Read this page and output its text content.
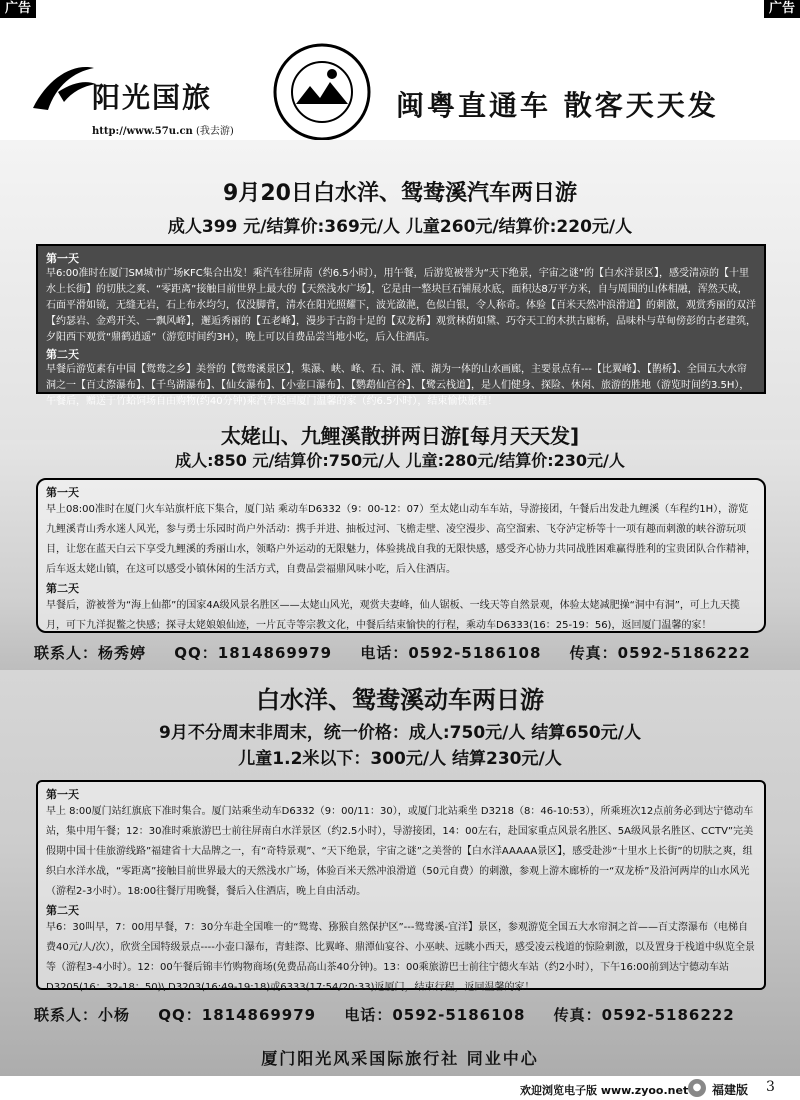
广告	广告
阳光国旅
http://www.57u.cn (我去游)
闽粤直通车 散客天天发
9月20日白水洋、鸳鸯溪汽车两日游
成人399 元/结算价:369元/人 儿童260元/结算价:220元/人
第一天

早6:00准时在厦门SM城市广场KFC集合出发！乘汽车往屏南（约6.5小时），用午餐，后游览被誉为“天下绝景，宇宙之谜”的【白水洋景区】，感受清凉的【十里水上长街】的切肤之爽、“零距离”接触目前世界上最大的【天然浅水广场】，它是由一整块巨石铺展水底，面积达8万平方米，自与周围的山体相融，浑然天成，石面平滑如镜，无缝无岩，石上布水均匀，仅没脚背，清水在阳光照耀下，波光潋滟，色似白银，令人称奇。体验【百米天然冲浪滑道】的刺激，观赏秀丽的双洋【约瑟岩、金鸡开关、一飘风峰】，邂逅秀丽的【五老峰】，漫步于古韵十足的【双龙桥】观赏林荫如黛、巧夺天工的木拱古廊桥，品味朴与草甸傍彭的古老建筑，夕阳西下观赏“鼎鹤逍遥”（游览时间约3H），晚上可以自费品尝当地小吃，后入住酒店。

第二天

早餐后游览素有中国【鸳鸯之乡】美誉的【鸳鸯溪景区】，集瀑、峡、峰、石、洞、潭、湖为一体的山水画廊，主要景点有---【比翼峰】、【鹊桥】、全国五大水帘洞之一【百丈漈瀑布】、【千鸟湖瀑布】、【仙女瀑布】、【小壶口瀑布】、【鹦鹉仙宫谷】、【鹭云栈道】，是人们健身、探险、休闲、旅游的胜地（游览时间约3.5H），午餐后，赠送于竹蛤饲场自由购物(约40分钟)乘汽车返回厦门温馨的家（约6.5小时），结束愉快旅程！

太姥山、九鲤溪散拼两日游[每月天天发]
成人:850 元/结算价:750元/人 儿童:280元/结算价:230元/人
第一天

早上08:00准时在厦门火车站旗杆底下集合，厦门站 乘动车D6332（9：00-12：07）至太姥山动车车站，导游接团，午餐后出发赴九鲤溪（车程约1H），游览九鲤溪青山秀水迷人风光，参与勇士乐园时尚户外活动：携手并进、抽板过河、飞檐走壁、凌空漫步、高空溜索、飞夺泸定桥等十一项有趣而刺激的峡谷游玩项目，让您在蓝天白云下享受九鲤溪的秀丽山水，领略户外运动的无限魅力，体验挑战自我的无限快感，感受齐心协力共同战胜困难赢得胜利的宝贵团队合作精神，后车返太姥山镇，在这可以感受小镇休闲的生活方式，自费品尝福鼎风味小吃，后入住酒店。

第二天

早餐后，游被誉为“海上仙都”的国家4A级风景名胜区——太姥山风光，观赏夫妻峰，仙人锯板、一线天等自然景观，体验太姥减肥操“洞中有洞”，可上九天揽月，可下九洋捉鳖之快感；探寻太姥娘娘仙迹，一片瓦寺等宗教文化，中餐后结束愉快的行程，乘动车D6333(16：25-19：56)，返回厦门温馨的家！

联系人：杨秀婷 QQ：1814869979 电话：0592-5186108 传真：0592-5186222
白水洋、鸳鸯溪动车两日游
9月不分周末非周末，统一价格：成人:750元/人 结算650元/人
儿童1.2米以下：300元/人 结算230元/人
第一天

早上 8:00厦门站红旗底下准时集合。厦门站乘坐动车D6332（9：00/11：30），或厦门北站乘坐 D3218（8：46-10:53），所乘班次12点前务必到达宁德动车站，集中用午餐；12：30准时乘旅游巴士前往屏南白水洋景区（约2.5小时），导游接团，14：00左右，赴国家重点风景名胜区、5A级风景名胜区、CCTV”完美假期中国十佳旅游线路”福建省十大品牌之一，有“奇特景观”、“天下绝景，宇宙之谜”之美誉的【白水洋AAAAA景区】，感受赴涉“十里水上长街”的切肤之爽，组织白水洋水战，“零距离”接触目前世界最大的天然浅水广场，体验百米天然冲浪滑道（50元自费）的刺激，参观上游木廊桥的一“双龙桥”及沿河两岸的山水风光（游程2-3小时）。18:00往餐厅用晚餐，餐后入住酒店，晚上自由活动。

第二天

早6：30叫早，7：00用早餐，7：30分车赴全国唯一的“鸳鸯、猕猴自然保护区”---鸳鸯溪-宜洋】景区，参观游览全国五大水帘洞之首——百丈漈瀑布（电梯自费40元/人/次），欣赏全国特级景点----小壶口瀑布，青蛙漈、比翼峰、鼎潭仙宴谷、小巫峡、远眺小西天，感受凌云栈道的惊险刺激，以及置身于栈道中纵览全景等（游程3-4小时）。12：00午餐后锦丰竹购物商场(免费品高山茶40分钟)。13：00乘旅游巴士前往宁德火车站（约2小时），下午16:00前到达宁德动车站D3205(16：32-18：50)\ D3203(16:49-19:18)或6333(17:54/20:33)返厦门，结束行程，返回温馨的家！

联系人：小杨 QQ：1814869979 电话：0592-5186108 传真：0592-5186222
厦门阳光风采国际旅行社 同业中心
欢迎浏览电子版 www.zyoo.net ● 福建版 3
